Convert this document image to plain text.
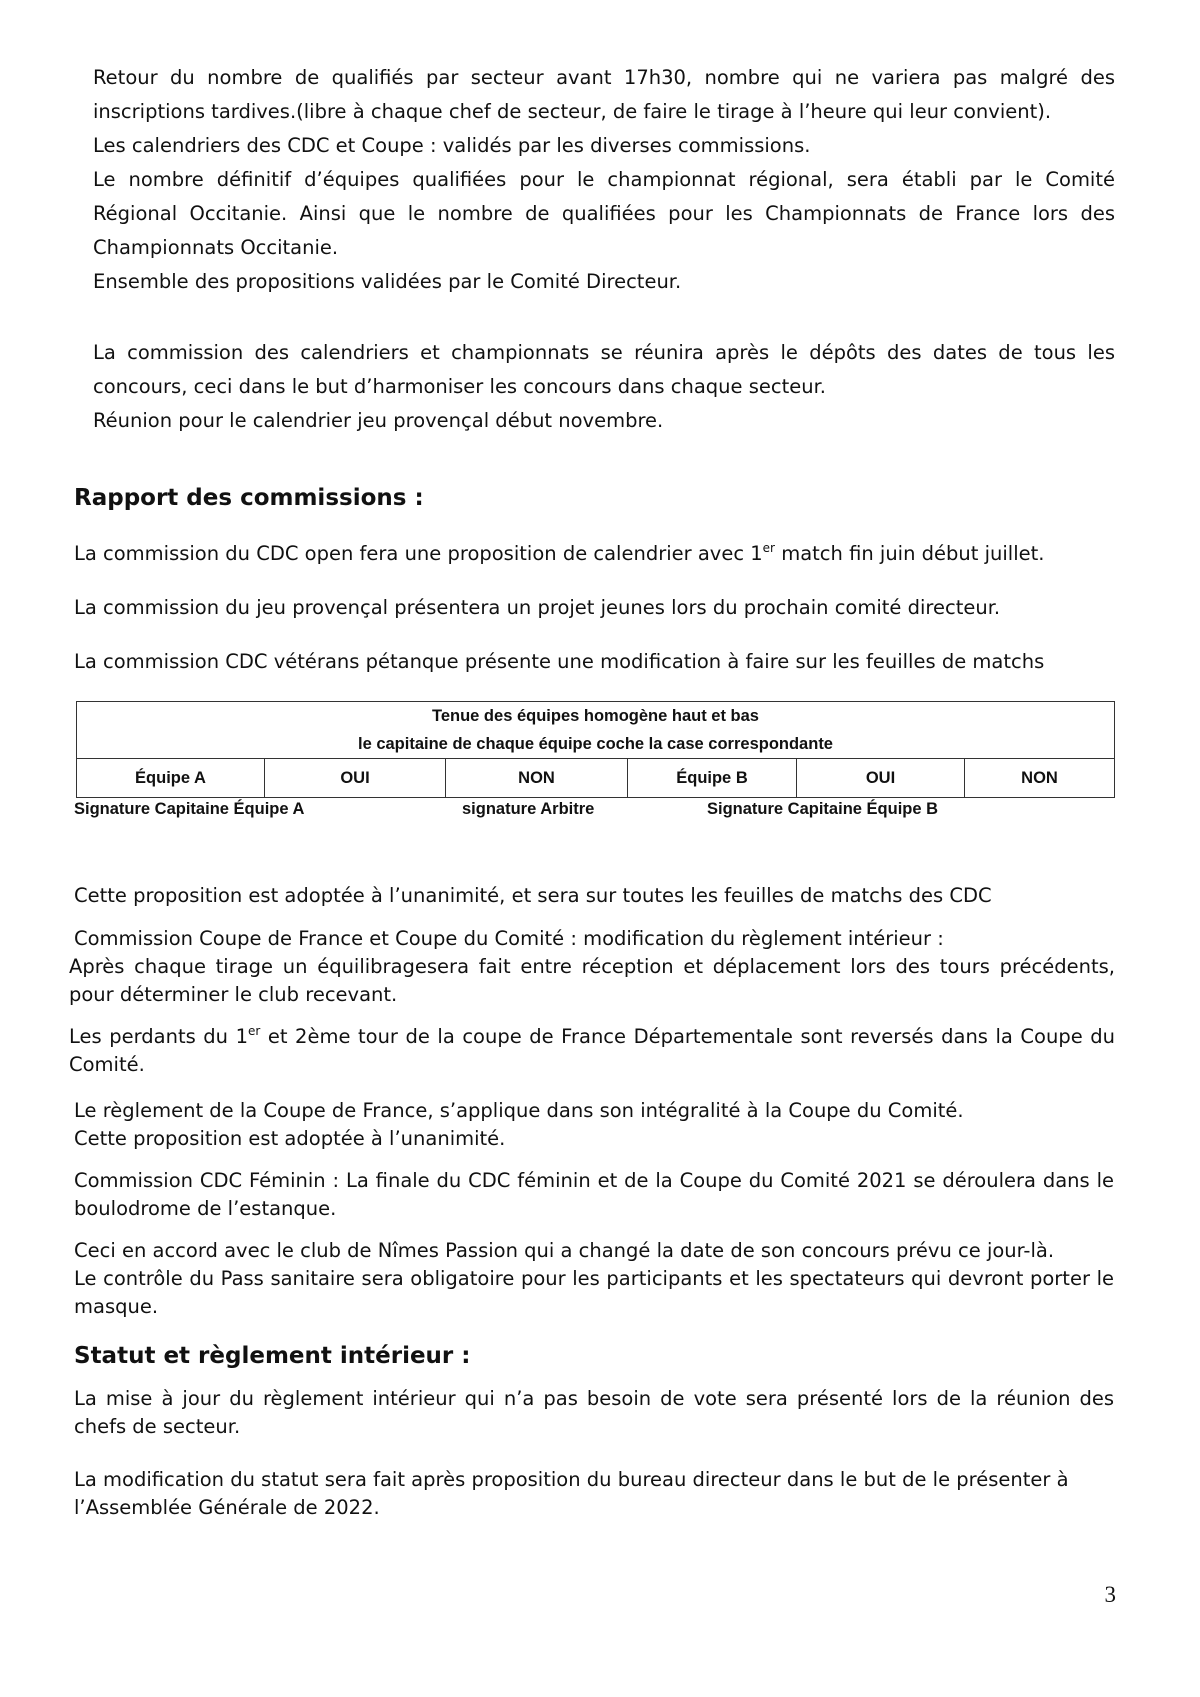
Retour du nombre de qualifiés par secteur avant 17h30, nombre qui ne variera pas malgré des inscriptions tardives.(libre à chaque chef de secteur, de faire le tirage à l’heure qui leur convient).

Les calendriers des CDC et Coupe : validés par les diverses commissions.

Le nombre définitif d’équipes qualifiées pour le championnat régional, sera établi par le Comité Régional Occitanie. Ainsi que le nombre de qualifiées pour les Championnats de France lors des Championnats Occitanie.

Ensemble des propositions validées par le Comité Directeur.

La commission des calendriers et championnats se réunira après le dépôts des dates de tous les concours, ceci dans le but d’harmoniser les concours dans chaque secteur.

Réunion pour le calendrier jeu provençal début novembre.

Rapport des commissions :

La commission du CDC open fera une proposition de calendrier avec 1er match fin juin début juillet.

La commission du jeu provençal présentera un projet jeunes lors du prochain comité directeur.

La commission CDC vétérans pétanque présente une modification à faire sur les feuilles de matchs

Tenue des équipes homogène haut et bas
le capitaine de chaque équipe coche la case correspondante

Équipe A	OUI	NON	Équipe B	OUI	NON
Signature Capitaine Équipe A	signature Arbitre	Signature Capitaine Équipe B

Cette proposition est adoptée à l’unanimité, et sera sur toutes les feuilles de matchs des CDC

Commission Coupe de France et Coupe du Comité : modification du règlement intérieur :

Après chaque tirage un équilibragesera fait entre réception et déplacement lors des tours précédents, pour déterminer le club recevant.

Les perdants du 1er et 2ème tour de la coupe de France Départementale sont reversés dans la Coupe du Comité.

Le règlement de la Coupe de France, s’applique dans son intégralité à la Coupe du Comité.

Cette proposition est adoptée à l’unanimité.

Commission CDC Féminin : La finale du CDC féminin et de la Coupe du Comité 2021 se déroulera dans le boulodrome de l’estanque.

Ceci en accord avec le club de Nîmes Passion qui a changé la date de son concours prévu ce jour-là.

Le contrôle du Pass sanitaire sera obligatoire pour les participants et les spectateurs qui devront porter le masque.

Statut et règlement intérieur :

La mise à jour du règlement intérieur qui n’a pas besoin de vote sera présenté lors de la réunion des chefs de secteur.

La modification du statut sera fait après proposition du bureau directeur dans le but de le présenter à l’Assemblée Générale de 2022.

3
